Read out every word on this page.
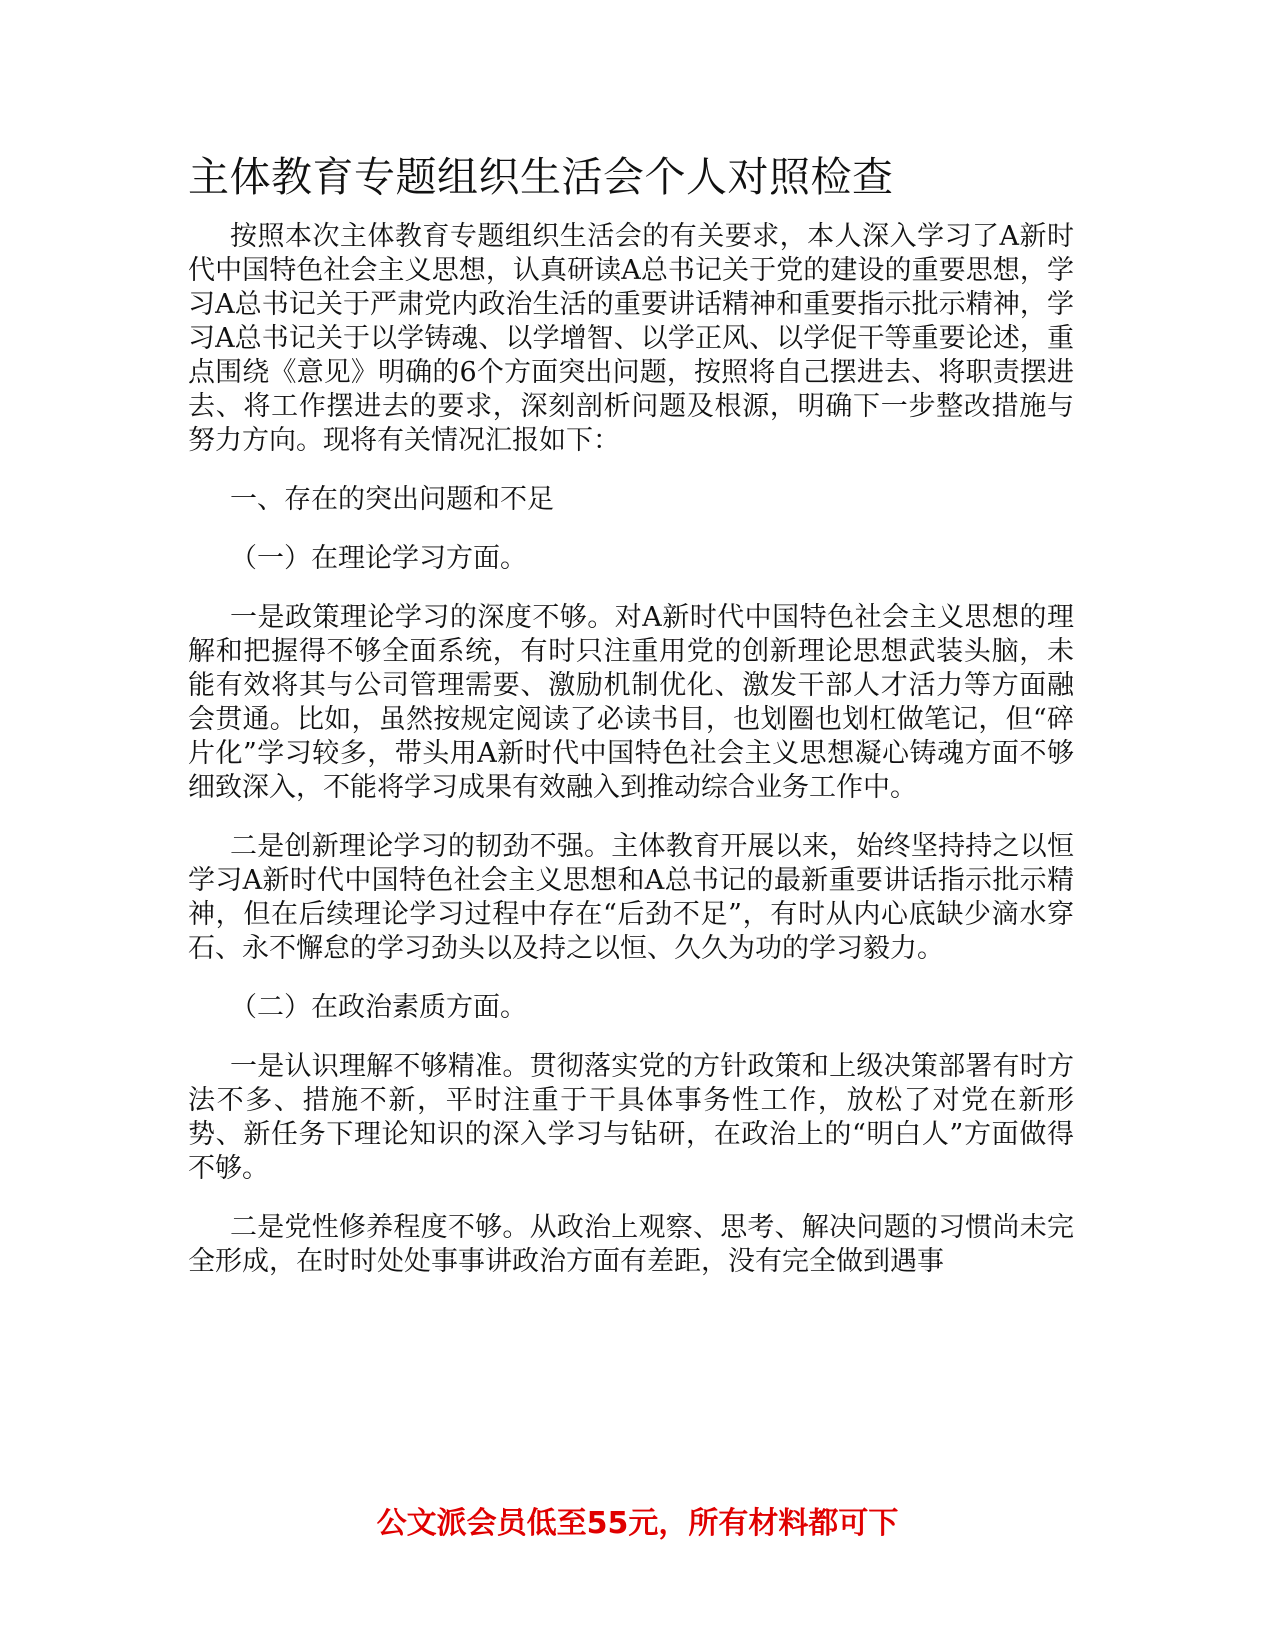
主体教育专题组织生活会个人对照检查

按照本次主体教育专题组织生活会的有关要求，本人深入学习了A新时代中国特色社会主义思想，认真研读A总书记关于党的建设的重要思想，学习A总书记关于严肃党内政治生活的重要讲话精神和重要指示批示精神，学习A总书记关于以学铸魂、以学增智、以学正风、以学促干等重要论述，重点围绕《意见》明确的6个方面突出问题，按照将自己摆进去、将职责摆进去、将工作摆进去的要求，深刻剖析问题及根源，明确下一步整改措施与努力方向。现将有关情况汇报如下：

一、存在的突出问题和不足

（一）在理论学习方面。

一是政策理论学习的深度不够。对A新时代中国特色社会主义思想的理解和把握得不够全面系统，有时只注重用党的创新理论思想武装头脑，未能有效将其与公司管理需要、激励机制优化、激发干部人才活力等方面融会贯通。比如，虽然按规定阅读了必读书目，也划圈也划杠做笔记，但“碎片化”学习较多，带头用A新时代中国特色社会主义思想凝心铸魂方面不够细致深入，不能将学习成果有效融入到推动综合业务工作中。

二是创新理论学习的韧劲不强。主体教育开展以来，始终坚持持之以恒学习A新时代中国特色社会主义思想和A总书记的最新重要讲话指示批示精神，但在后续理论学习过程中存在“后劲不足”，有时从内心底缺少滴水穿石、永不懈怠的学习劲头以及持之以恒、久久为功的学习毅力。

（二）在政治素质方面。

一是认识理解不够精准。贯彻落实党的方针政策和上级决策部署有时方法不多、措施不新，平时注重于干具体事务性工作，放松了对党在新形势、新任务下理论知识的深入学习与钻研，在政治上的“明白人”方面做得不够。

二是党性修养程度不够。从政治上观察、思考、解决问题的习惯尚未完全形成，在时时处处事事讲政治方面有差距，没有完全做到遇事

公文派会员低至55元，所有材料都可下
